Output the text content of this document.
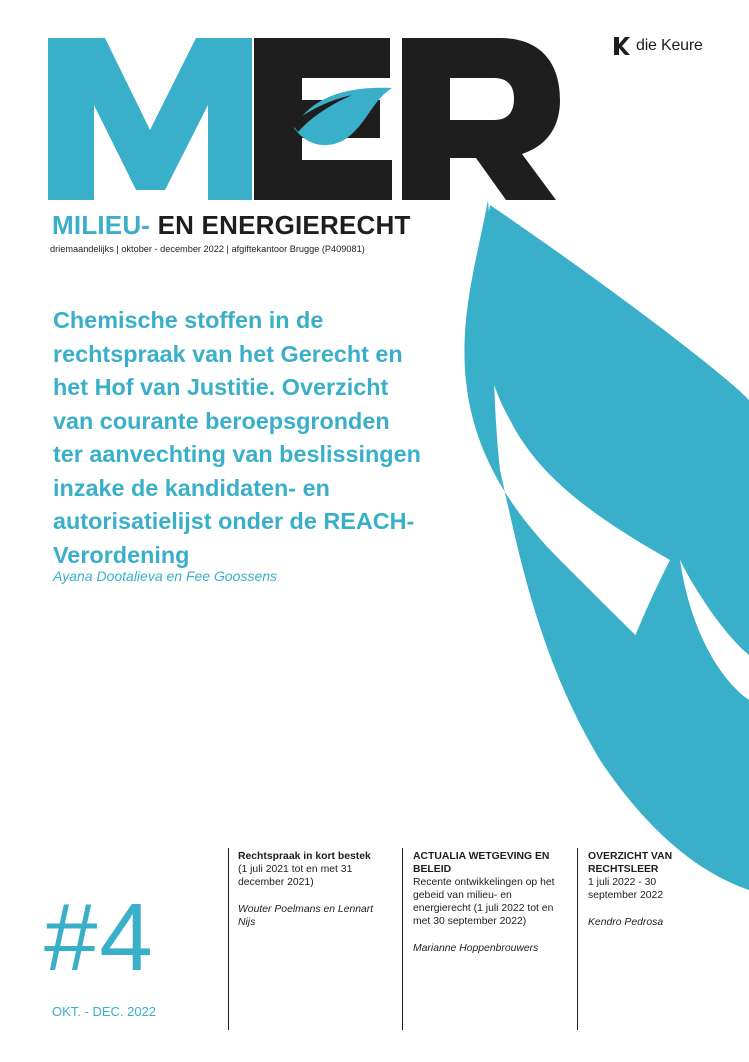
die Keure
MILIEU- EN ENERGIERECHT
driemaandelijks | oktober - december 2022 | afgiftekantoor Brugge (P409081)
Chemische stoffen in de rechtspraak van het Gerecht en het Hof van Justitie. Overzicht van courante beroepsgronden ter aanvechting van beslissingen inzake de kandidaten- en autorisatielijst onder de REACH-Verordening
Ayana Dootalieva en Fee Goossens
#4
OKT. - DEC. 2022

Rechtspraak in kort bestek

(1 juli 2021 tot en met 31 december 2021)

Wouter Poelmans en Lennart Nijs

ACTUALIA WETGEVING EN BELEID

Recente ontwikkelingen op het gebeid van milieu- en energierecht (1 juli 2022 tot en met 30 september 2022)

Marianne Hoppenbrouwers

OVERZICHT VAN RECHTSLEER

1 juli 2022 - 30 september 2022

Kendro Pedrosa
